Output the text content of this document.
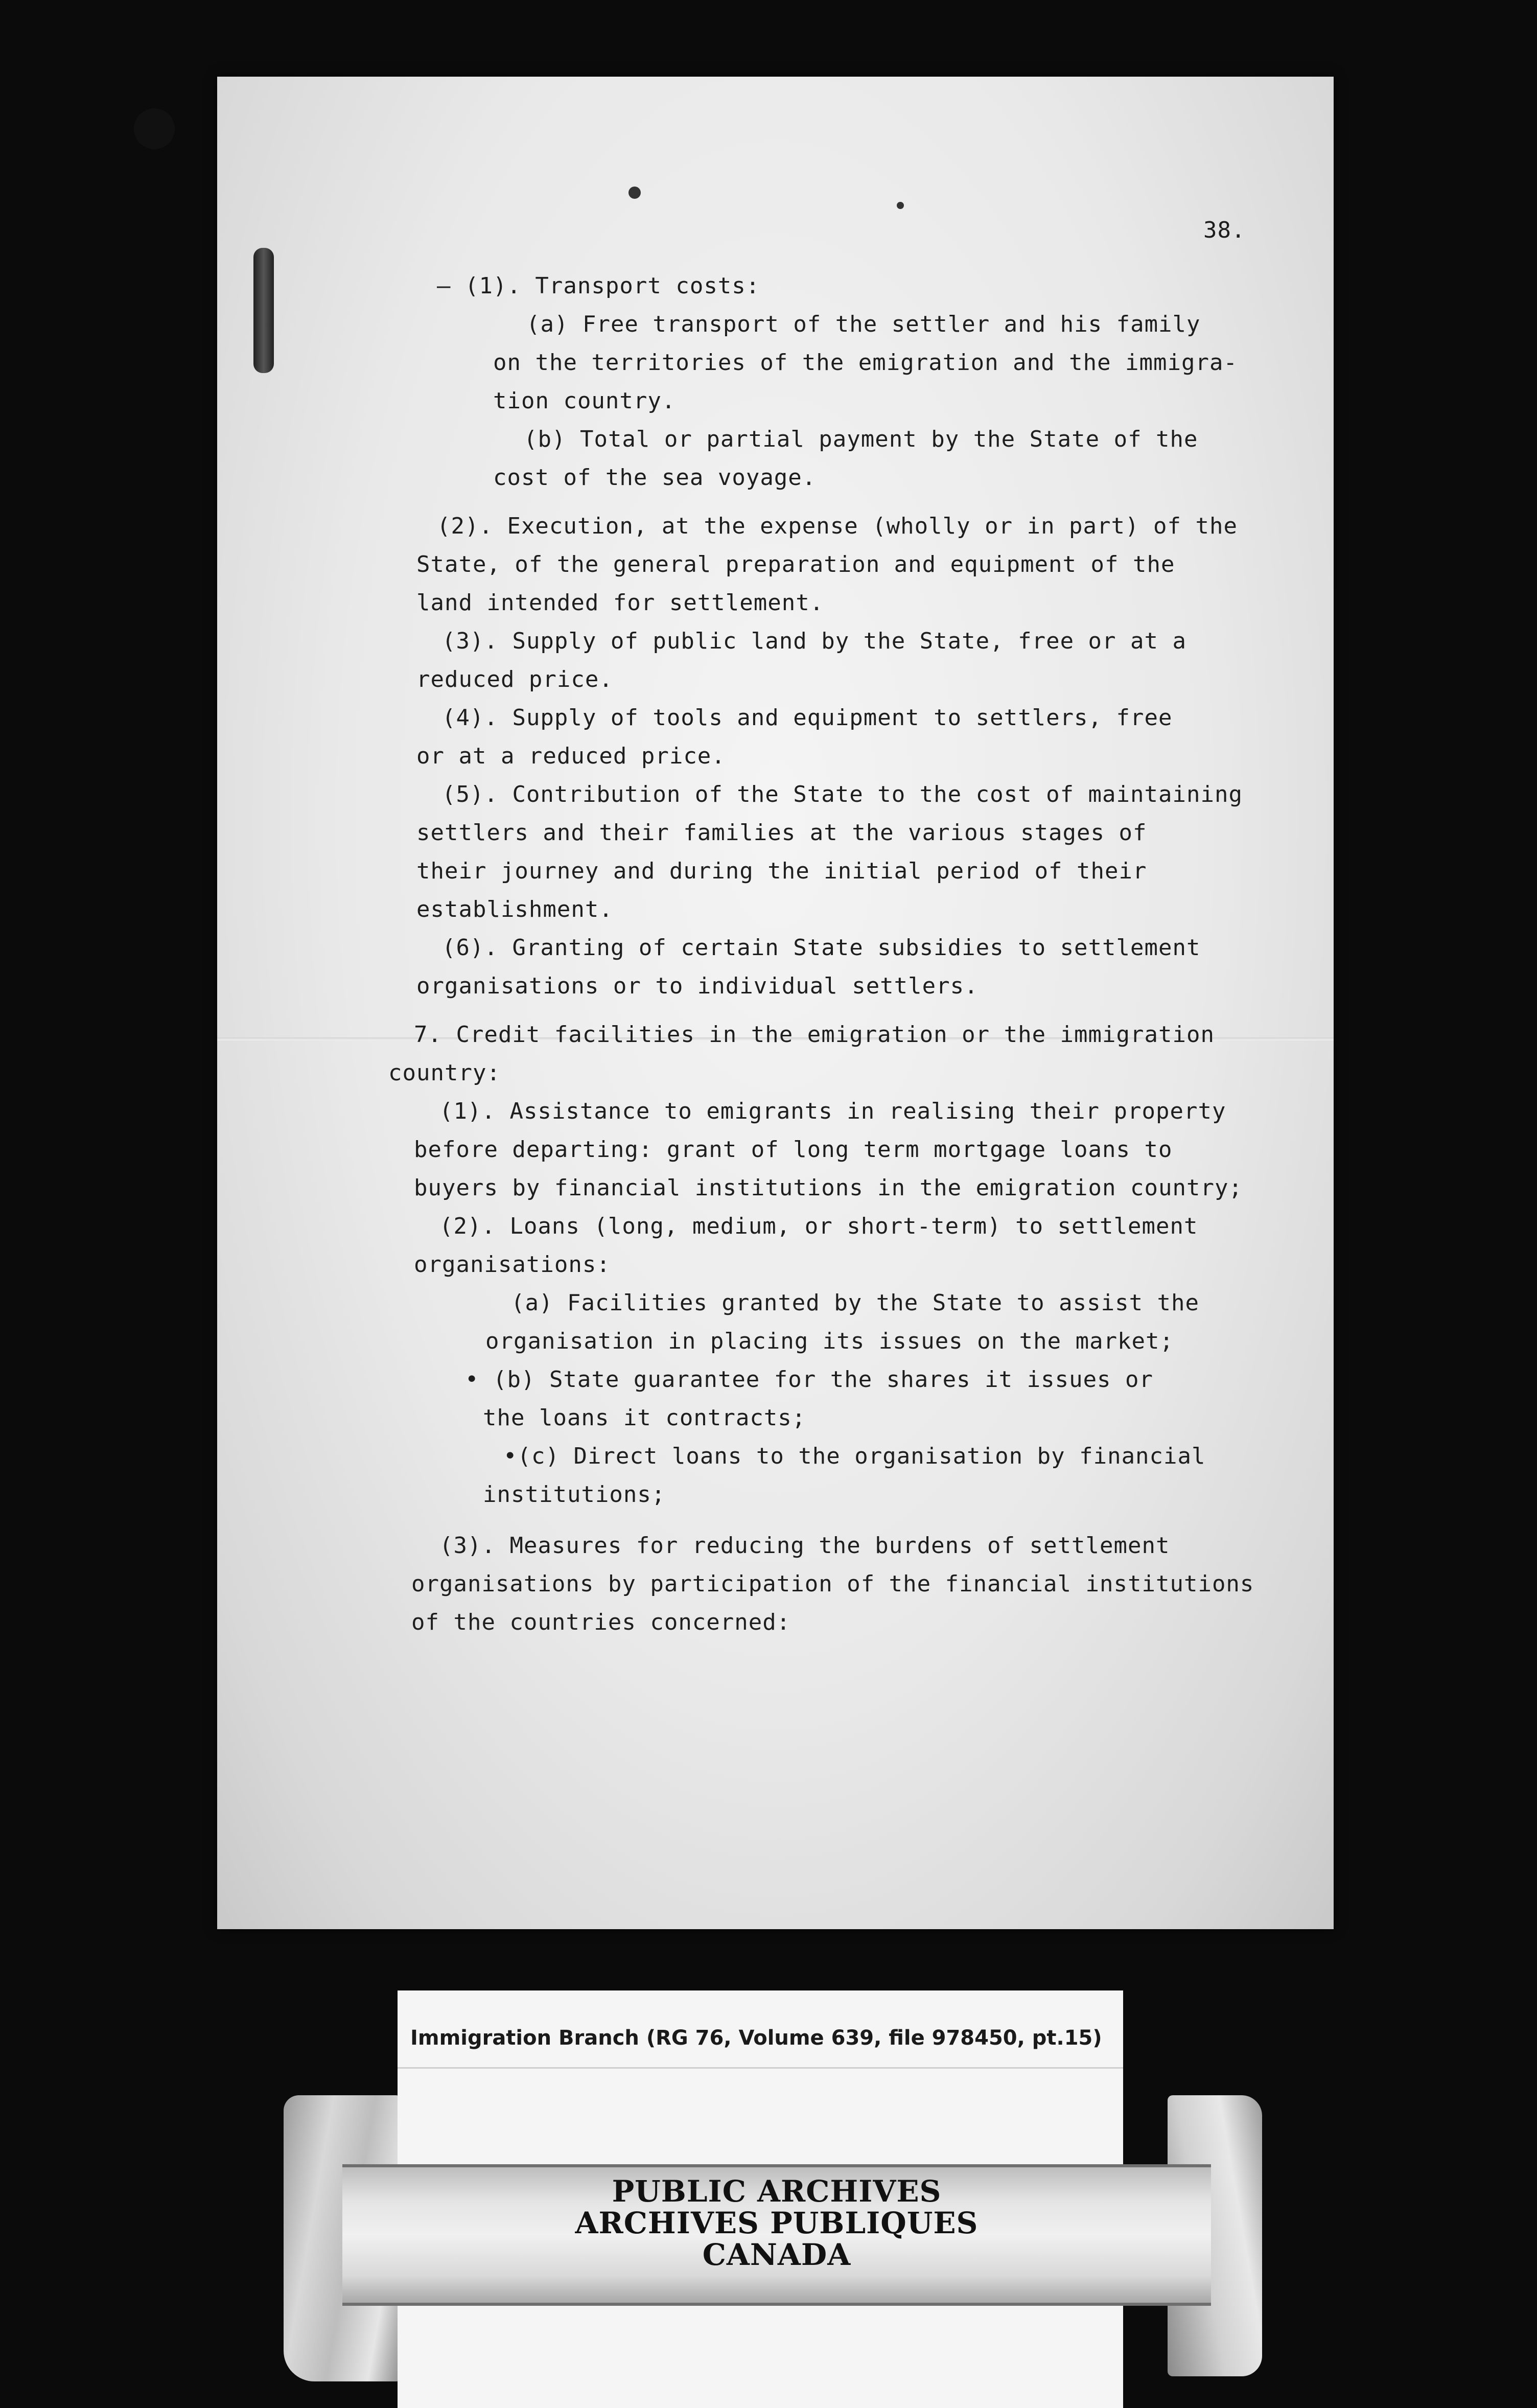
38.
— (1). Transport costs:
(a) Free transport of the settler and his family
on the territories of the emigration and the immigra-
tion country.
(b) Total or partial payment by the State of the
cost of the sea voyage.
(2). Execution, at the expense (wholly or in part) of the
State, of the general preparation and equipment of the
land intended for settlement.
(3). Supply of public land by the State, free or at a
reduced price.
(4). Supply of tools and equipment to settlers, free
or at a reduced price.
(5). Contribution of the State to the cost of maintaining
settlers and their families at the various stages of
their journey and during the initial period of their
establishment.
(6). Granting of certain State subsidies to settlement
organisations or to individual settlers.
7. Credit facilities in the emigration or the immigration
country:
(1). Assistance to emigrants in realising their property
before departing: grant of long term mortgage loans to
buyers by financial institutions in the emigration country;
(2). Loans (long, medium, or short-term) to settlement
organisations:
(a) Facilities granted by the State to assist the
organisation in placing its issues on the market;
• (b) State guarantee for the shares it issues or
the loans it contracts;
•(c) Direct loans to the organisation by financial
institutions;
(3). Measures for reducing the burdens of settlement
organisations by participation of the financial institutions
of the countries concerned:
Immigration Branch (RG 76, Volume 639, file 978450, pt.15)
PUBLIC ARCHIVES
ARCHIVES PUBLIQUES
CANADA
